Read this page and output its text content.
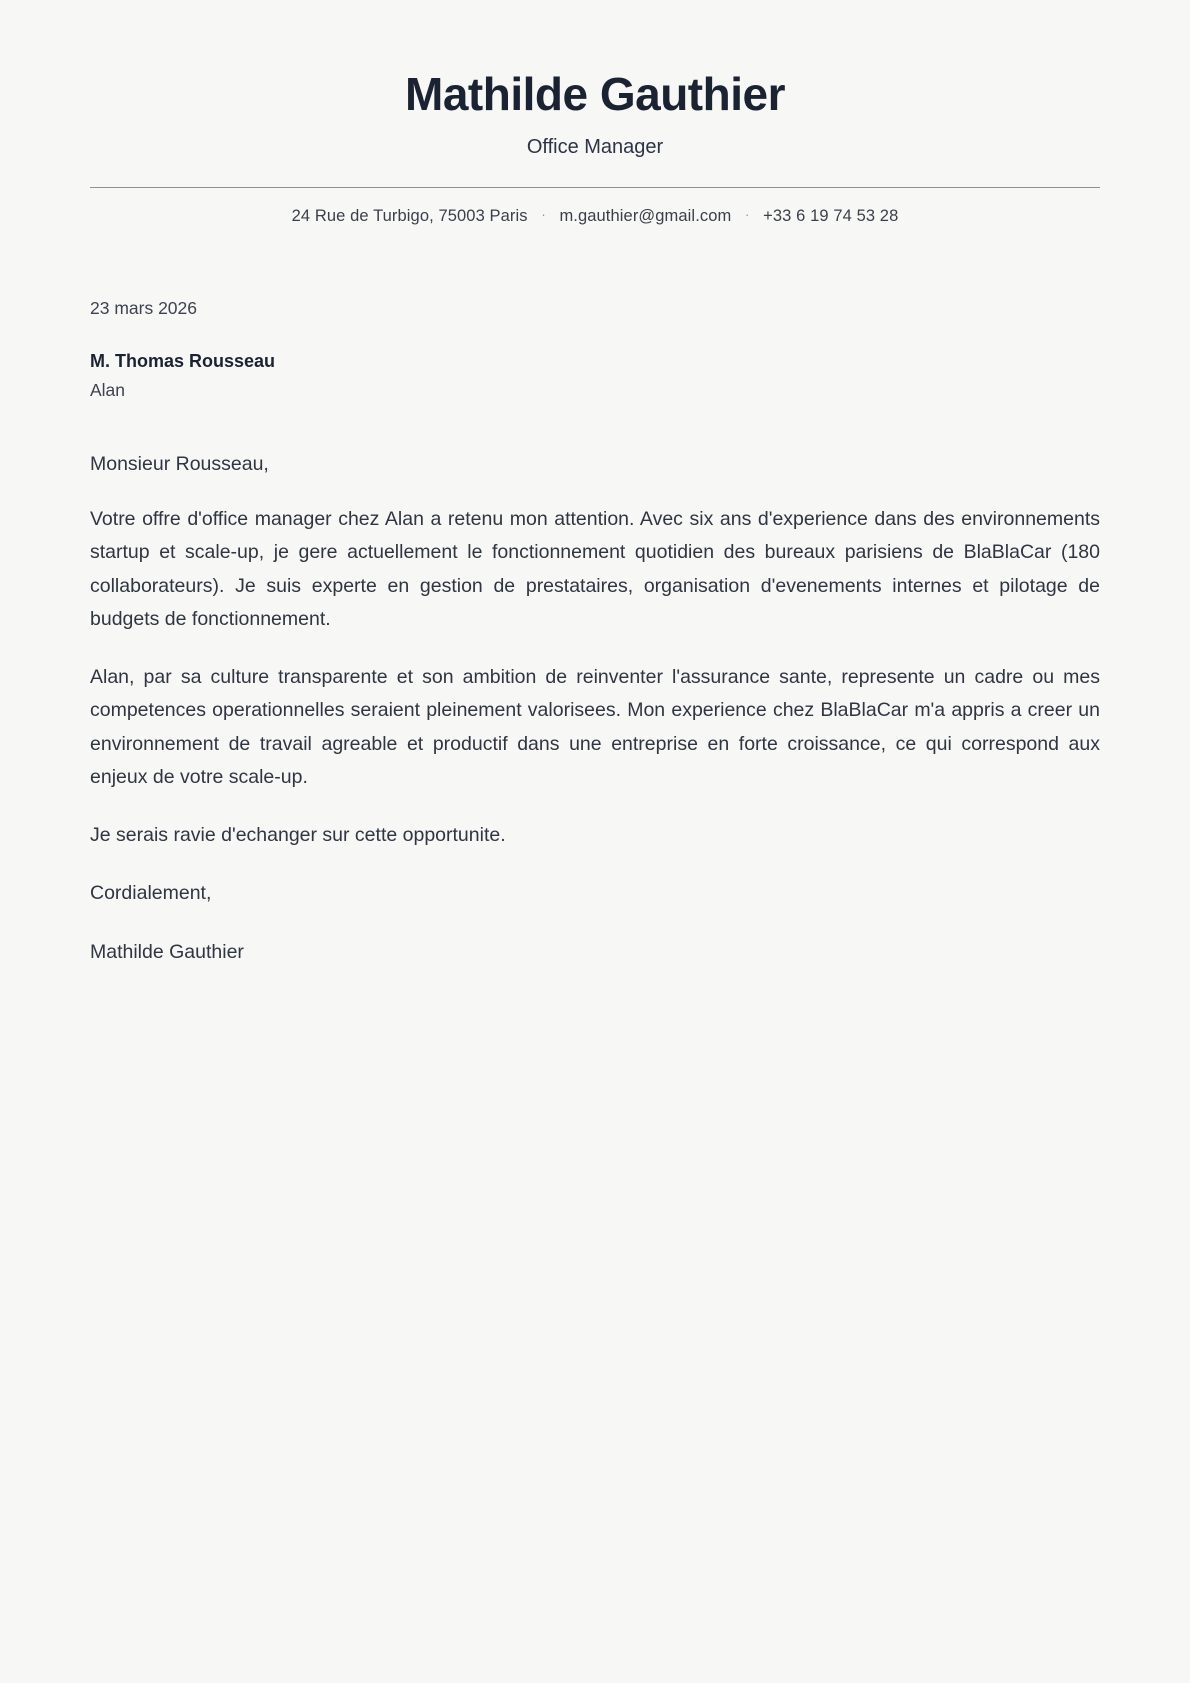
Mathilde Gauthier
Office Manager
24 Rue de Turbigo, 75003 Paris · m.gauthier@gmail.com · +33 6 19 74 53 28
23 mars 2026
M. Thomas Rousseau
Alan
Monsieur Rousseau,

Votre offre d'office manager chez Alan a retenu mon attention. Avec six ans d'experience dans des environnements startup et scale-up, je gere actuellement le fonctionnement quotidien des bureaux parisiens de BlaBlaCar (180 collaborateurs). Je suis experte en gestion de prestataires, organisation d'evenements internes et pilotage de budgets de fonctionnement.

Alan, par sa culture transparente et son ambition de reinventer l'assurance sante, represente un cadre ou mes competences operationnelles seraient pleinement valorisees. Mon experience chez BlaBlaCar m'a appris a creer un environnement de travail agreable et productif dans une entreprise en forte croissance, ce qui correspond aux enjeux de votre scale-up.

Je serais ravie d'echanger sur cette opportunite.

Cordialement,
Mathilde Gauthier
